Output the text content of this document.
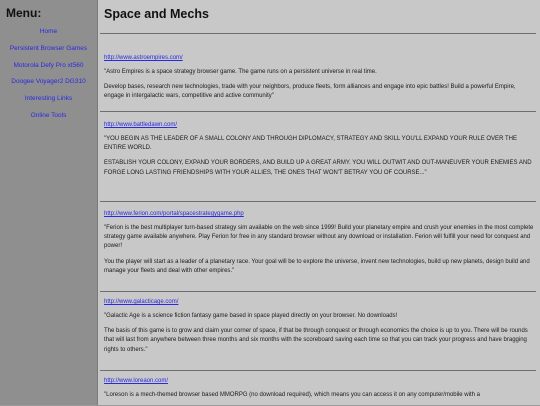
Menu:
Home
Persistent Browser Games
Motorola Defy Pro xt560
Doogee Voyager2 DG310
Interesting Links
Online Tools
Space and Mechs
http://www.astroempires.com/

"Astro Empires is a space strategy browser game. The game runs on a persistent universe in real time.

Develop bases, research new technologies, trade with your neighbors, produce fleets, form alliances and engage into epic battles! Build a powerful Empire, engage in intergalactic wars, competitive and active community"

http://www.battledawn.com/

"YOU BEGIN AS THE LEADER OF A SMALL COLONY AND THROUGH DIPLOMACY, STRATEGY AND SKILL YOU'LL EXPAND YOUR RULE OVER THE ENTIRE WORLD.

ESTABLISH YOUR COLONY, EXPAND YOUR BORDERS, AND BUILD UP A GREAT ARMY. YOU WILL OUTWIT AND OUT-MANEUVER YOUR ENEMIES AND FORGE LONG LASTING FRIENDSHIPS WITH YOUR ALLIES, THE ONES THAT WON'T BETRAY YOU OF COURSE..."

http://www.ferion.com/portal/spacestrategygame.php

"Ferion is the best multiplayer turn-based strategy sim available on the web since 1999! Build your planetary empire and crush your enemies in the most complete strategy game available anywhere. Play Ferion for free in any standard browser without any download or installation. Ferion will fulfill your need for conquest and power!

You the player will start as a leader of a planetary race. Your goal will be to explore the universe, invent new technologies, build up new planets, design build and manage your fleets and deal with other empires."

http://www.galacticage.com/

"Galactic Age is a science fiction fantasy game based in space played directly on your browser. No downloads!

The basis of this game is to grow and claim your corner of space, if that be through conquest or through economics the choice is up to you. There will be rounds that will last from anywhere between three months and six months with the scoreboard saving each time so that you can track your progress and have bragging rights to others."

http://www.loreaon.com/

"Loreson is a mech-themed browser based MMORPG (no download required), which means you can access it on any computer/mobile with a
